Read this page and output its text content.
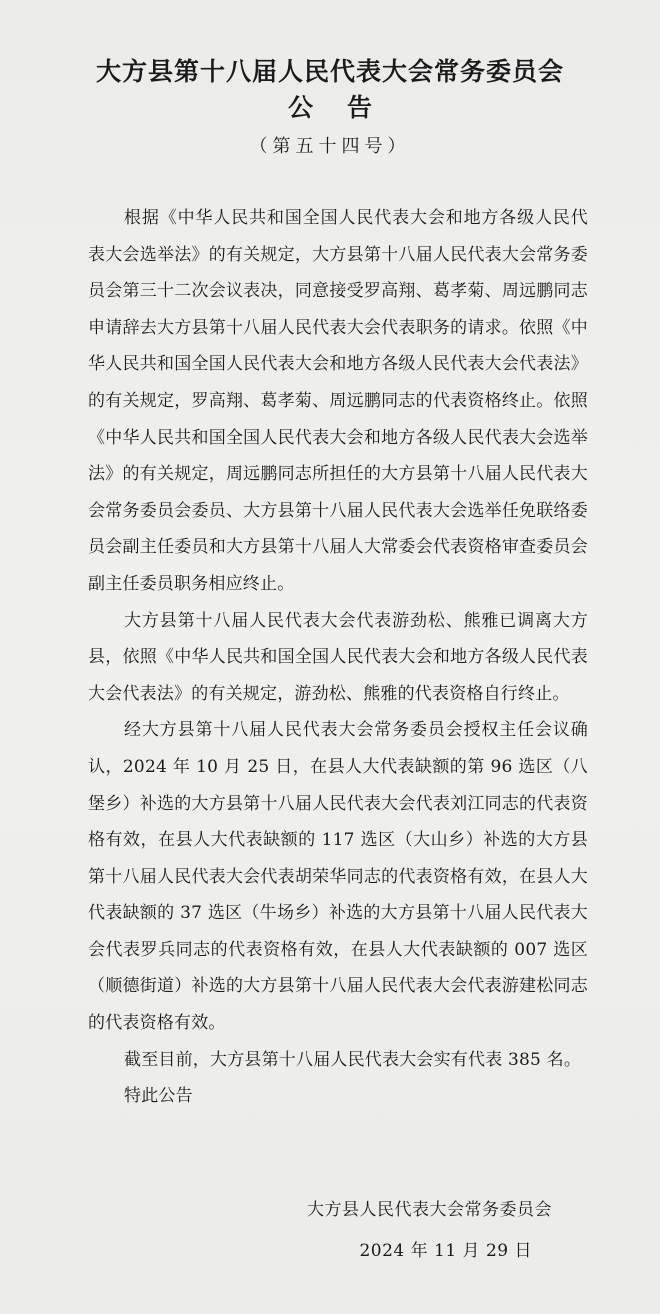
大方县第十八届人民代表大会常务委员会
公告
（第五十四号）

根据《中华人民共和国全国人民代表大会和地方各级人民代表大会选举法》的有关规定，大方县第十八届人民代表大会常务委员会第三十二次会议表决，同意接受罗高翔、葛孝菊、周远鹏同志申请辞去大方县第十八届人民代表大会代表职务的请求。依照《中华人民共和国全国人民代表大会和地方各级人民代表大会代表法》的有关规定，罗高翔、葛孝菊、周远鹏同志的代表资格终止。依照《中华人民共和国全国人民代表大会和地方各级人民代表大会选举法》的有关规定，周远鹏同志所担任的大方县第十八届人民代表大会常务委员会委员、大方县第十八届人民代表大会选举任免联络委员会副主任委员和大方县第十八届人大常委会代表资格审查委员会副主任委员职务相应终止。

大方县第十八届人民代表大会代表游劲松、熊雅已调离大方县，依照《中华人民共和国全国人民代表大会和地方各级人民代表大会代表法》的有关规定，游劲松、熊雅的代表资格自行终止。

经大方县第十八届人民代表大会常务委员会授权主任会议确认，2024 年 10 月 25 日，在县人大代表缺额的第 96 选区（八堡乡）补选的大方县第十八届人民代表大会代表刘江同志的代表资格有效，在县人大代表缺额的 117 选区（大山乡）补选的大方县第十八届人民代表大会代表胡荣华同志的代表资格有效，在县人大代表缺额的 37 选区（牛场乡）补选的大方县第十八届人民代表大会代表罗兵同志的代表资格有效，在县人大代表缺额的 007 选区（顺德街道）补选的大方县第十八届人民代表大会代表游建松同志的代表资格有效。

截至目前，大方县第十八届人民代表大会实有代表 385 名。

特此公告

大方县人民代表大会常务委员会
2024 年 11 月 29 日
